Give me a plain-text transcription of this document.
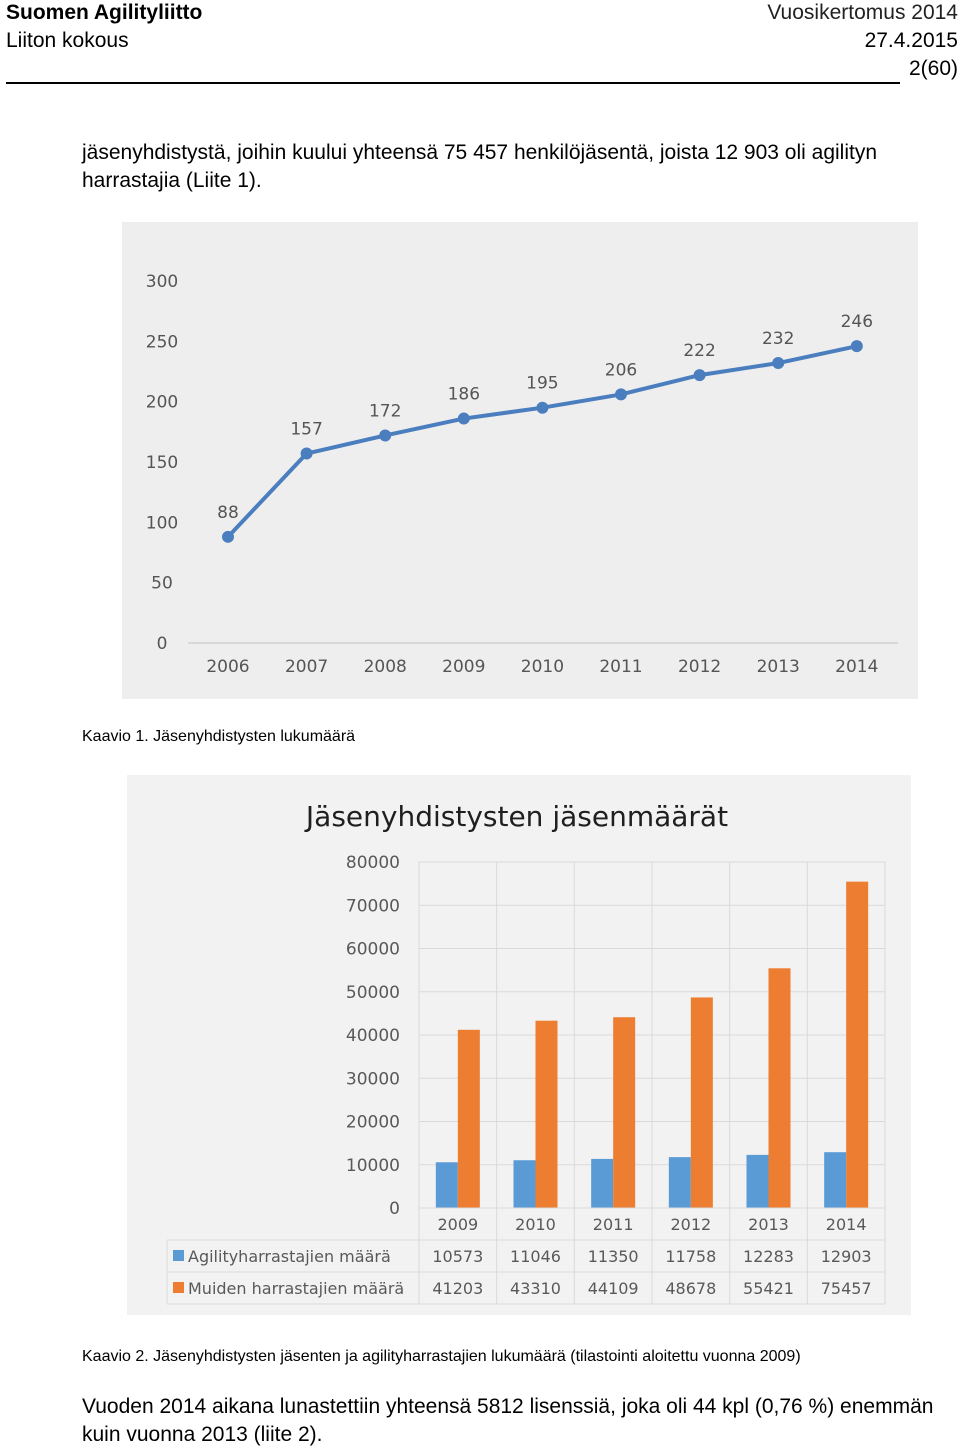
Suomen Agilityliitto	Vuosikertomus 2014
Liiton kokous	27.4.2015
2(60)
jäsenyhdistystä, joihin kuului yhteensä 75 457 henkilöjäsentä, joista 12 903 oli agilityn harrastajia (Liite 1).
0
50
100
150
200
250
300
88
157
172
186
195
206
222
232
246
2006 2007 2008 2009 2010 2011 2012 2013 2014
Kaavio 1. Jäsenyhdistysten lukumäärä
Jäsenyhdistysten jäsenmäärät
0
10000
20000
30000
40000
50000
60000
70000
80000
2009 2010 2011 2012 2013 2014
Agilityharrastajien määrä	10573 11046 11350 11758 12283 12903
Muiden harrastajien määrä 41203 43310 44109 48678 55421 75457
Kaavio 2. Jäsenyhdistysten jäsenten ja agilityharrastajien lukumäärä (tilastointi aloitettu vuonna 2009)
Vuoden 2014 aikana lunastettiin yhteensä 5812 lisenssiä, joka oli 44 kpl (0,76 %) enemmän kuin vuonna 2013 (liite 2).
